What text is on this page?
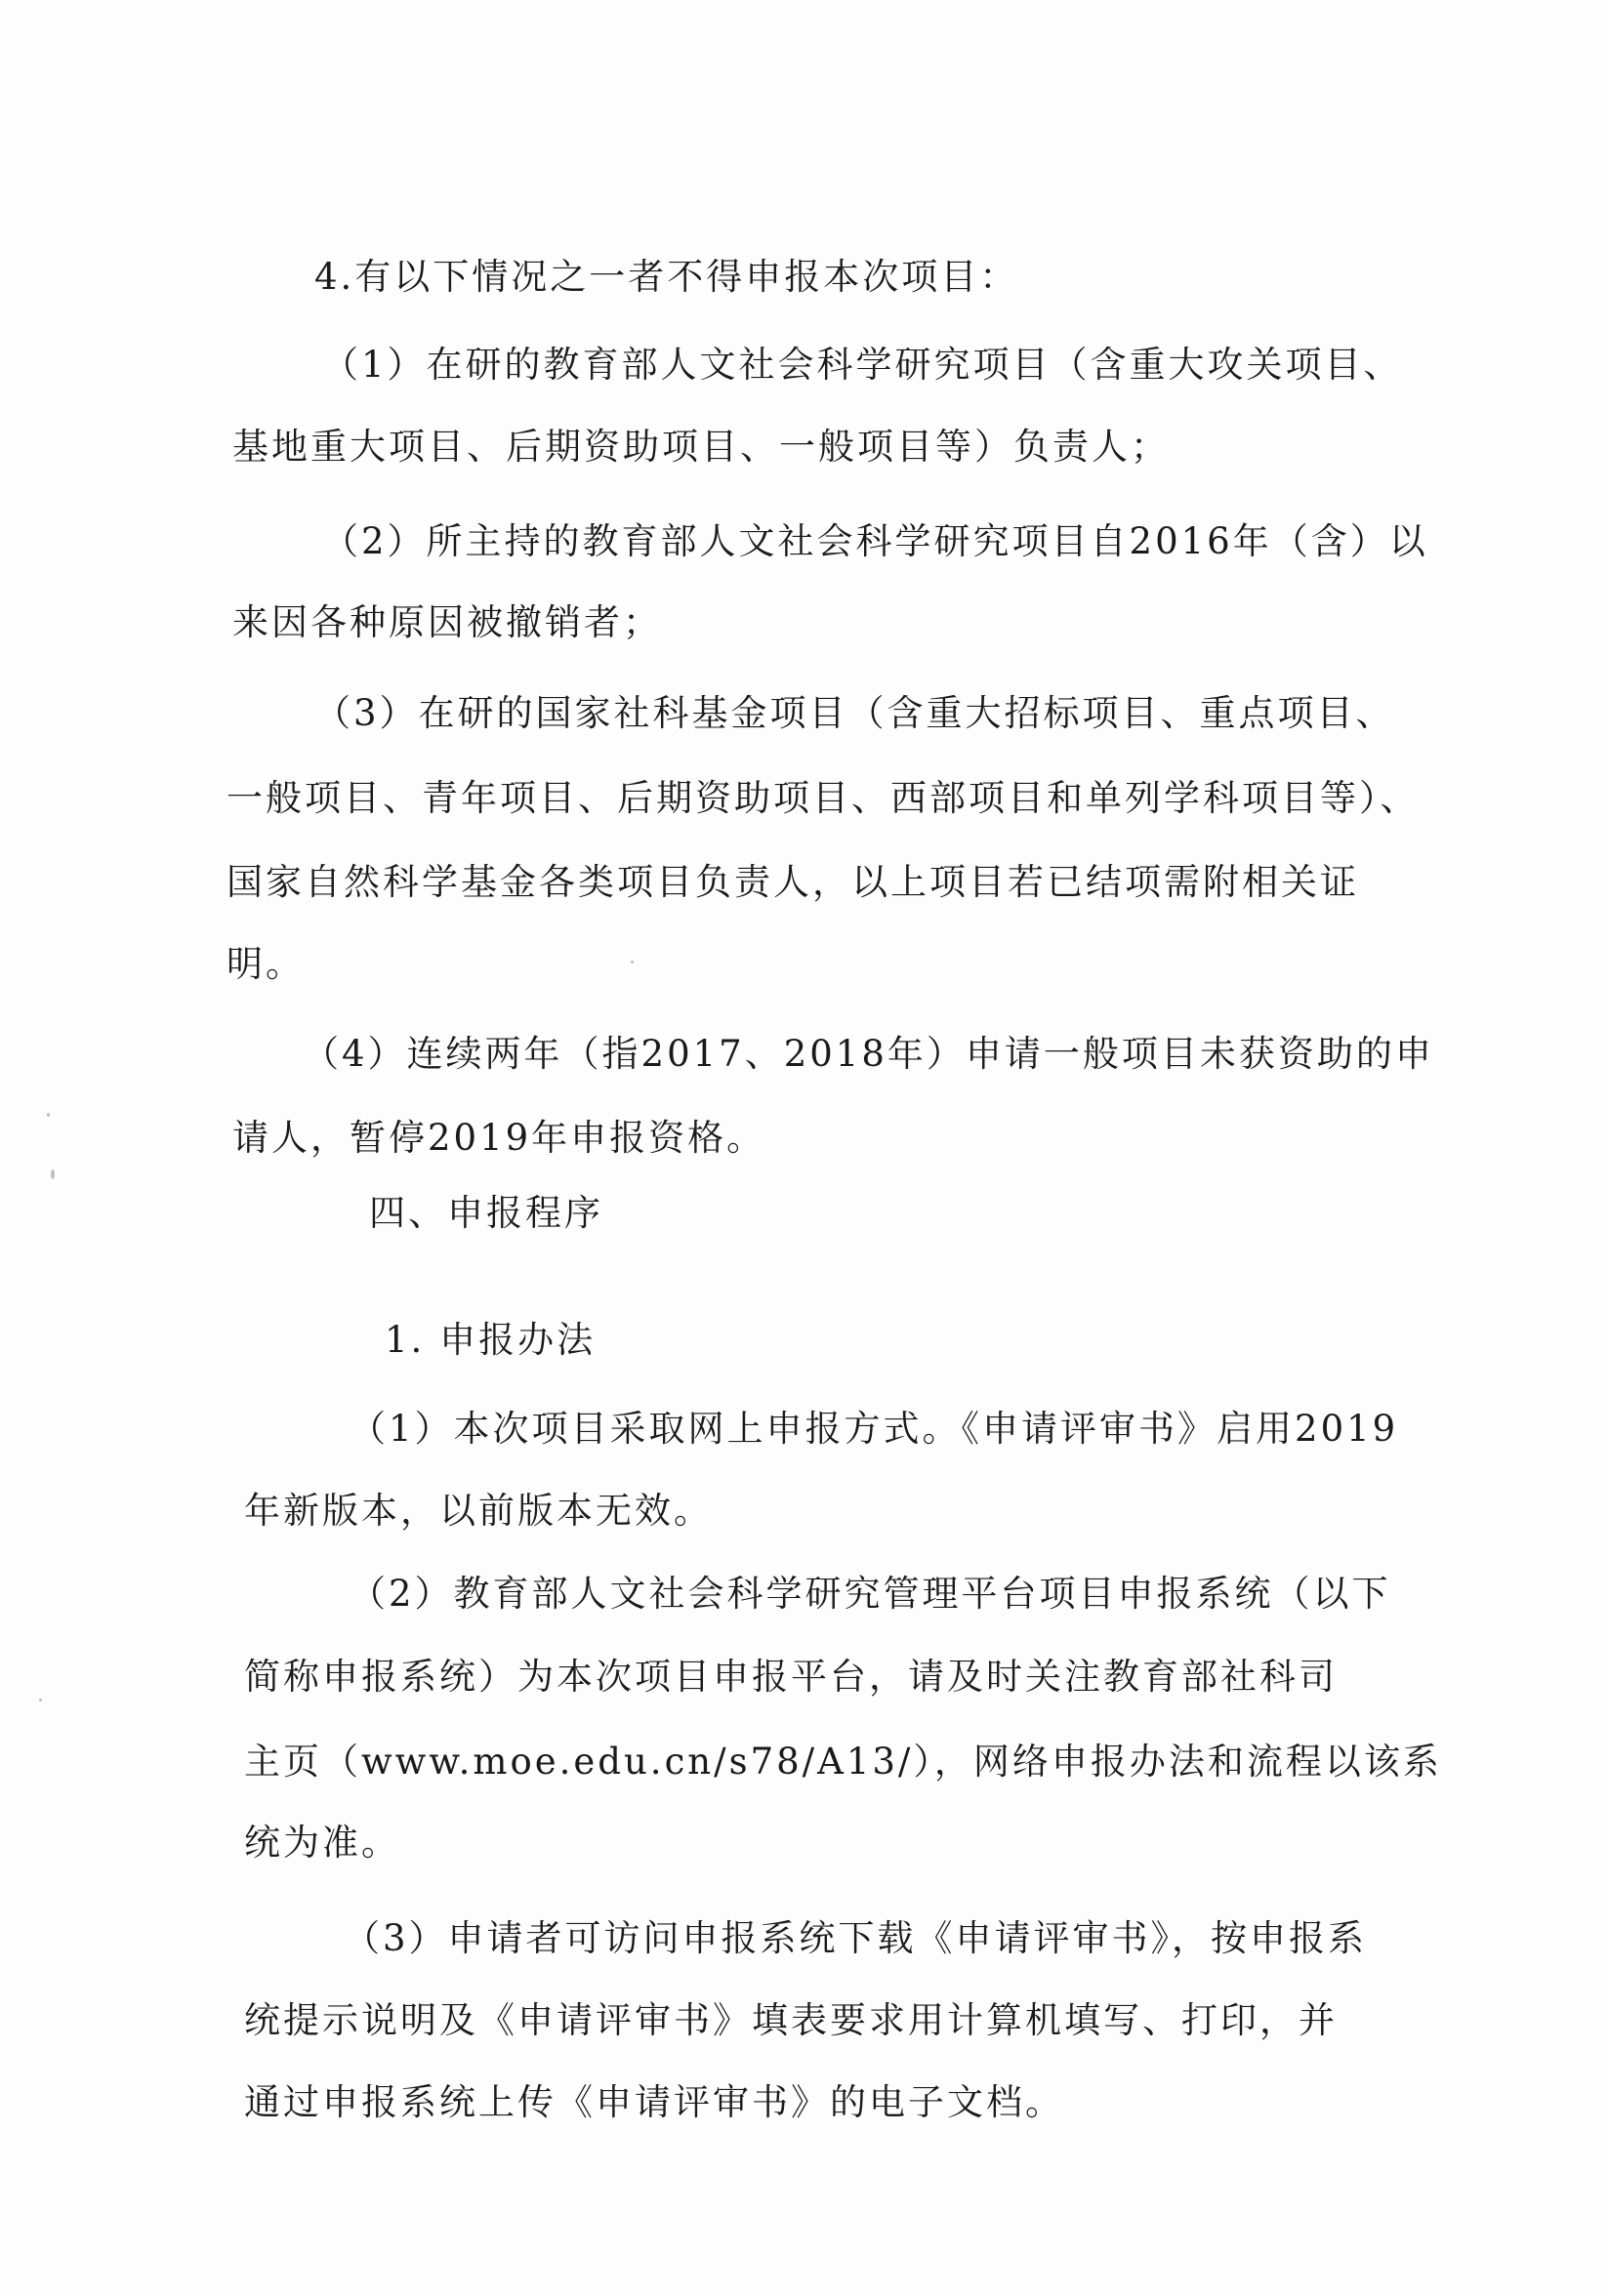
4.有以下情况之一者不得申报本次项目：
（1）在研的教育部人文社会科学研究项目（含重大攻关项目、
基地重大项目、后期资助项目、一般项目等）负责人；
（2）所主持的教育部人文社会科学研究项目自2016年（含）以
来因各种原因被撤销者；
（3）在研的国家社科基金项目（含重大招标项目、重点项目、
一般项目、青年项目、后期资助项目、西部项目和单列学科项目等）、
国家自然科学基金各类项目负责人，以上项目若已结项需附相关证
明。
（4）连续两年（指2017、2018年）申请一般项目未获资助的申
请人，暂停2019年申报资格。
四、申报程序
1. 申报办法
（1）本次项目采取网上申报方式。《申请评审书》启用2019
年新版本，以前版本无效。
（2）教育部人文社会科学研究管理平台项目申报系统（以下
简称申报系统）为本次项目申报平台，请及时关注教育部社科司
主页（www.moe.edu.cn/s78/A13/），网络申报办法和流程以该系
统为准。
（3）申请者可访问申报系统下载《申请评审书》，按申报系
统提示说明及《申请评审书》填表要求用计算机填写、打印，并
通过申报系统上传《申请评审书》的电子文档。
